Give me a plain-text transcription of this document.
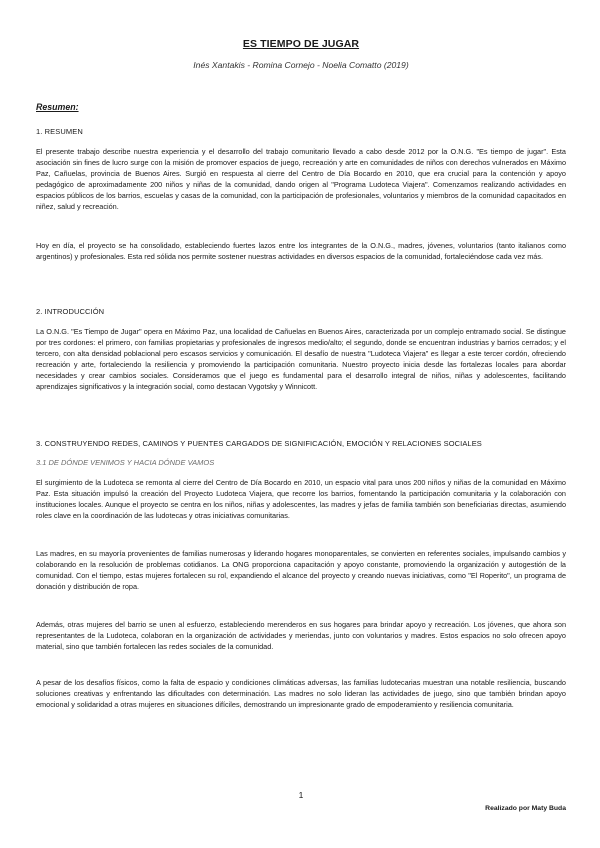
ES TIEMPO DE JUGAR
Inés Xantakis - Romina Cornejo - Noelia Comatto (2019)
Resumen:
1. RESUMEN

El presente trabajo describe nuestra experiencia y el desarrollo del trabajo comunitario llevado a cabo desde 2012 por la O.N.G. "Es tiempo de jugar". Esta asociación sin fines de lucro surge con la misión de promover espacios de juego, recreación y arte en comunidades de niños con derechos vulnerados en Máximo Paz, Cañuelas, provincia de Buenos Aires. Surgió en respuesta al cierre del Centro de Día Bocardo en 2010, que era crucial para la contención y apoyo pedagógico de aproximadamente 200 niños y niñas de la comunidad, dando origen al "Programa Ludoteca Viajera". Comenzamos realizando actividades en espacios públicos de los barrios, escuelas y casas de la comunidad, con la participación de profesionales, voluntarios y miembros de la comunidad capacitados en niñez, salud y recreación.

Hoy en día, el proyecto se ha consolidado, estableciendo fuertes lazos entre los integrantes de la O.N.G., madres, jóvenes, voluntarios (tanto italianos como argentinos) y profesionales. Esta red sólida nos permite sostener nuestras actividades en diversos espacios de la comunidad, fortaleciéndose cada vez más.

2. INTRODUCCIÓN

La O.N.G. "Es Tiempo de Jugar" opera en Máximo Paz, una localidad de Cañuelas en Buenos Aires, caracterizada por un complejo entramado social. Se distingue por tres cordones: el primero, con familias propietarias y profesionales de ingresos medio/alto; el segundo, donde se encuentran industrias y barrios cerrados; y el tercero, con alta densidad poblacional pero escasos servicios y comunicación. El desafío de nuestra "Ludoteca Viajera" es llegar a este tercer cordón, ofreciendo recreación y arte, fortaleciendo la resiliencia y promoviendo la participación comunitaria. Nuestro proyecto inicia desde las fortalezas locales para abordar necesidades y crear cambios sociales. Consideramos que el juego es fundamental para el desarrollo integral de niños, niñas y adolescentes, facilitando aprendizajes significativos y la integración social, como destacan Vygotsky y Winnicott.

3. CONSTRUYENDO REDES, CAMINOS Y PUENTES CARGADOS DE SIGNIFICACIÓN, EMOCIÓN Y RELACIONES SOCIALES
3.1 DE DÓNDE VENIMOS Y HACIA DÓNDE VAMOS

El surgimiento de la Ludoteca se remonta al cierre del Centro de Día Bocardo en 2010, un espacio vital para unos 200 niños y niñas de la comunidad en Máximo Paz. Esta situación impulsó la creación del Proyecto Ludoteca Viajera, que recorre los barrios, fomentando la participación comunitaria y la colaboración con instituciones locales. Aunque el proyecto se centra en los niños, niñas y adolescentes, las madres y jefas de familia también son beneficiarias directas, asumiendo roles clave en la coordinación de las ludotecas y otras iniciativas comunitarias.

Las madres, en su mayoría provenientes de familias numerosas y liderando hogares monoparentales, se convierten en referentes sociales, impulsando cambios y colaborando en la resolución de problemas cotidianos. La ONG proporciona capacitación y apoyo constante, promoviendo la organización y autogestión de la comunidad. Con el tiempo, estas mujeres fortalecen su rol, expandiendo el alcance del proyecto y creando nuevas iniciativas, como "El Roperito", un programa de donación y distribución de ropa.

Además, otras mujeres del barrio se unen al esfuerzo, estableciendo merenderos en sus hogares para brindar apoyo y recreación. Los jóvenes, que ahora son representantes de la Ludoteca, colaboran en la organización de actividades y meriendas, junto con voluntarios y madres. Estos espacios no solo ofrecen apoyo material, sino que también fortalecen las redes sociales de la comunidad.

A pesar de los desafíos físicos, como la falta de espacio y condiciones climáticas adversas, las familias ludotecarias muestran una notable resiliencia, buscando soluciones creativas y enfrentando las dificultades con determinación. Las madres no solo lideran las actividades de juego, sino que también brindan apoyo emocional y solidaridad a otras mujeres en situaciones difíciles, demostrando un impresionante grado de empoderamiento y resiliencia comunitaria.

1
Realizado por Maty Buda
